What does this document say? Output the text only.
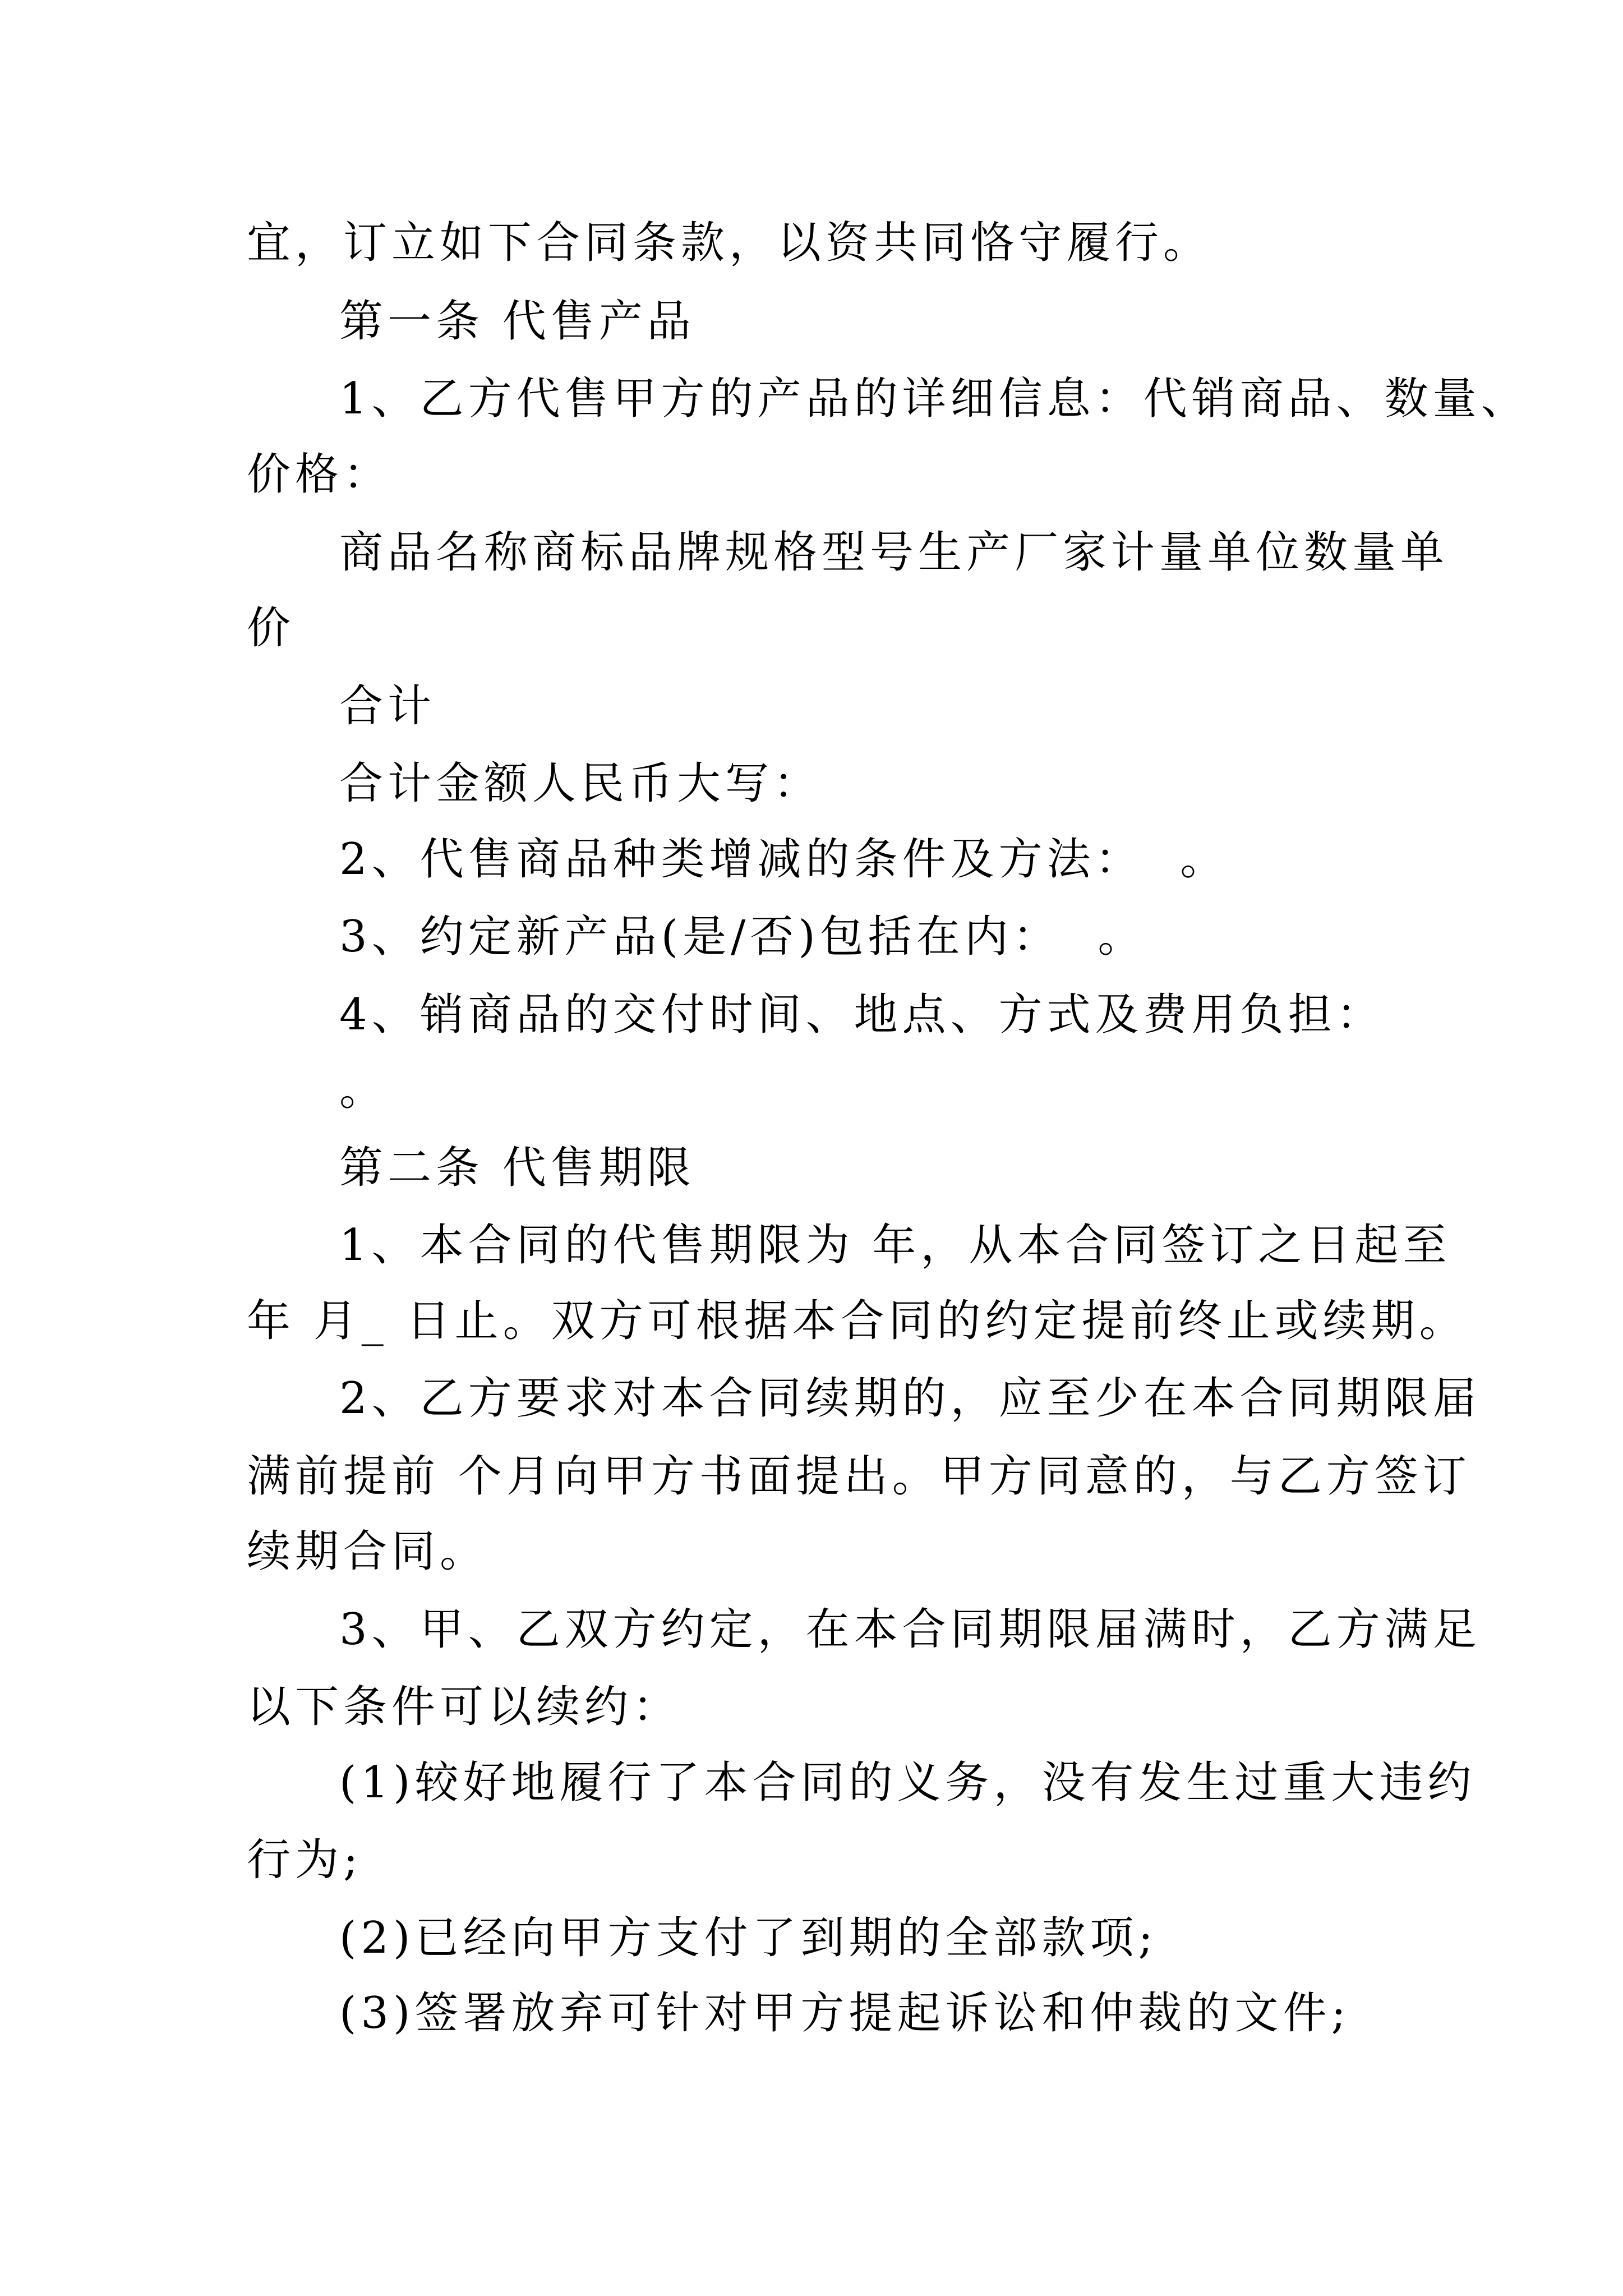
宜，订立如下合同条款，以资共同恪守履行。
第一条 代售产品
1、乙方代售甲方的产品的详细信息：代销商品、数量、
价格：
商品名称商标品牌规格型号生产厂家计量单位数量单
价
合计
合计金额人民币大写：
2、代售商品种类增减的条件及方法：  。
3、约定新产品(是/否)包括在内：  。
4、销商品的交付时间、地点、方式及费用负担：
。
第二条 代售期限
1、本合同的代售期限为 年，从本合同签订之日起至
年 月_ 日止。双方可根据本合同的约定提前终止或续期。
2、乙方要求对本合同续期的，应至少在本合同期限届
满前提前 个月向甲方书面提出。甲方同意的，与乙方签订
续期合同。
3、甲、乙双方约定，在本合同期限届满时，乙方满足
以下条件可以续约：
(1)较好地履行了本合同的义务，没有发生过重大违约
行为;
(2)已经向甲方支付了到期的全部款项;
(3)签署放弃可针对甲方提起诉讼和仲裁的文件;
